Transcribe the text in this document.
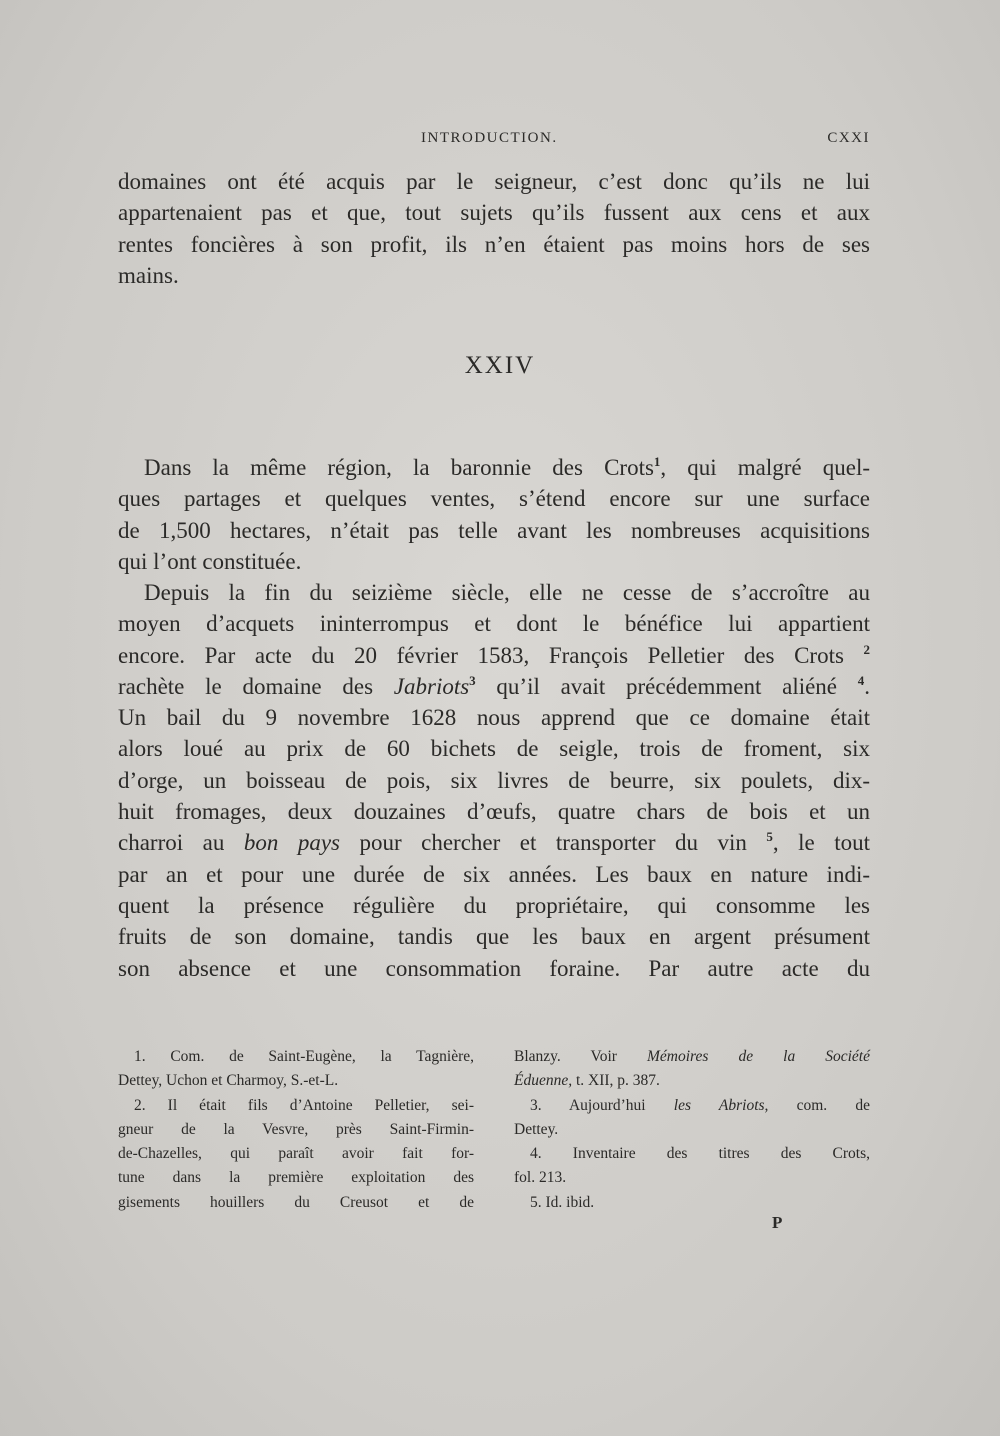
INTRODUCTION.	CXXI

domaines ont été acquis par le seigneur, c’est donc qu’ils ne lui
appartenaient pas et que, tout sujets qu’ils fussent aux cens et aux
rentes foncières à son profit, ils n’en étaient pas moins hors de ses
mains.

XXIV

Dans la même région, la baronnie des Crots$^1$, qui malgré quel-
ques partages et quelques ventes, s’étend encore sur une surface
de 1,500 hectares, n’était pas telle avant les nombreuses acquisitions
qui l’ont constituée.

Depuis la fin du seizième siècle, elle ne cesse de s’accroître au
moyen d’acquets ininterrompus et dont le bénéfice lui appartient
encore. Par acte du 20 février 1583, François Pelletier des Crots $^2$
rachète le domaine des Jabriots$^3$ qu’il avait précédemment aliéné $^4$.
Un bail du 9 novembre 1628 nous apprend que ce domaine était
alors loué au prix de 60 bichets de seigle, trois de froment, six
d’orge, un boisseau de pois, six livres de beurre, six poulets, dix-
huit fromages, deux douzaines d’œufs, quatre chars de bois et un
charroi au bon pays pour chercher et transporter du vin $^5$, le tout
par an et pour une durée de six années. Les baux en nature indi-
quent la présence régulière du propriétaire, qui consomme les
fruits de son domaine, tandis que les baux en argent présument
son absence et une consommation foraine. Par autre acte du

1. Com. de Saint-Eugène, la Tagnière,
Dettey, Uchon et Charmoy, S.-et-L.
2. Il était fils d’Antoine Pelletier, sei-
gneur de la Vesvre, près Saint-Firmin-
de-Chazelles, qui paraît avoir fait for-
tune dans la première exploitation des
gisements houillers du Creusot et de
Blanzy. Voir Mémoires de la Société
Éduenne, t. XII, p. 387.
3. Aujourd’hui les Abriots, com. de
Dettey.
4. Inventaire des titres des Crots,
fol. 213.
5. Id. ibid.
P
